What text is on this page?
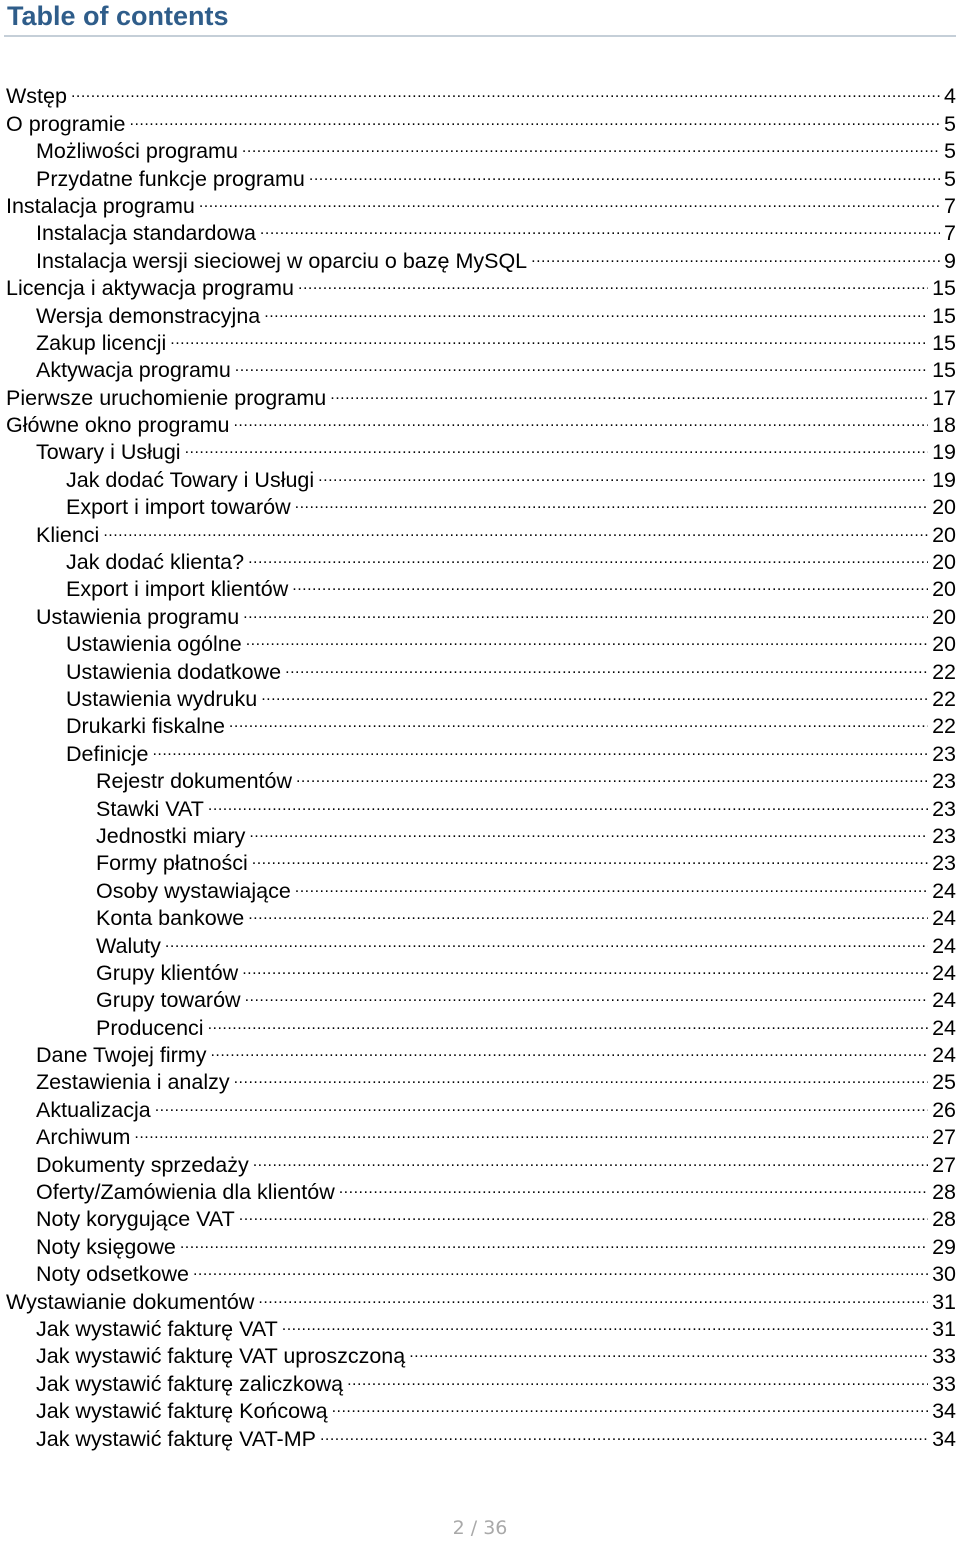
Table of contents
Wstęp .....	4
O programie .....	5
Możliwości programu .....	5
Przydatne funkcje programu .....	5
Instalacja programu .....	7
Instalacja standardowa .....	7
Instalacja wersji sieciowej w oparciu o bazę MySQL .....	9
Licencja i aktywacja programu .....	15
Wersja demonstracyjna .....	15
Zakup licencji .....	15
Aktywacja programu .....	15
Pierwsze uruchomienie programu .....	17
Główne okno programu .....	18
Towary i Usługi .....	19
Jak dodać Towary i Usługi .....	19
Export i import towarów .....	20
Klienci .....	20
Jak dodać klienta? .....	20
Export i import klientów .....	20
Ustawienia programu .....	20
Ustawienia ogólne .....	20
Ustawienia dodatkowe .....	22
Ustawienia wydruku .....	22
Drukarki fiskalne .....	22
Definicje .....	23
Rejestr dokumentów .....	23
Stawki VAT .....	23
Jednostki miary .....	23
Formy płatności .....	23
Osoby wystawiające .....	24
Konta bankowe .....	24
Waluty .....	24
Grupy klientów .....	24
Grupy towarów .....	24
Producenci .....	24
Dane Twojej firmy .....	24
Zestawienia i analzy .....	25
Aktualizacja .....	26
Archiwum .....	27
Dokumenty sprzedaży .....	27
Oferty/Zamówienia dla klientów .....	28
Noty korygujące VAT .....	28
Noty księgowe .....	29
Noty odsetkowe .....	30
Wystawianie dokumentów .....	31
Jak wystawić fakturę VAT .....	31
Jak wystawić fakturę VAT uproszczoną .....	33
Jak wystawić fakturę zaliczkową .....	33
Jak wystawić fakturę Końcową .....	34
Jak wystawić fakturę VAT-MP .....	34
2 / 36
